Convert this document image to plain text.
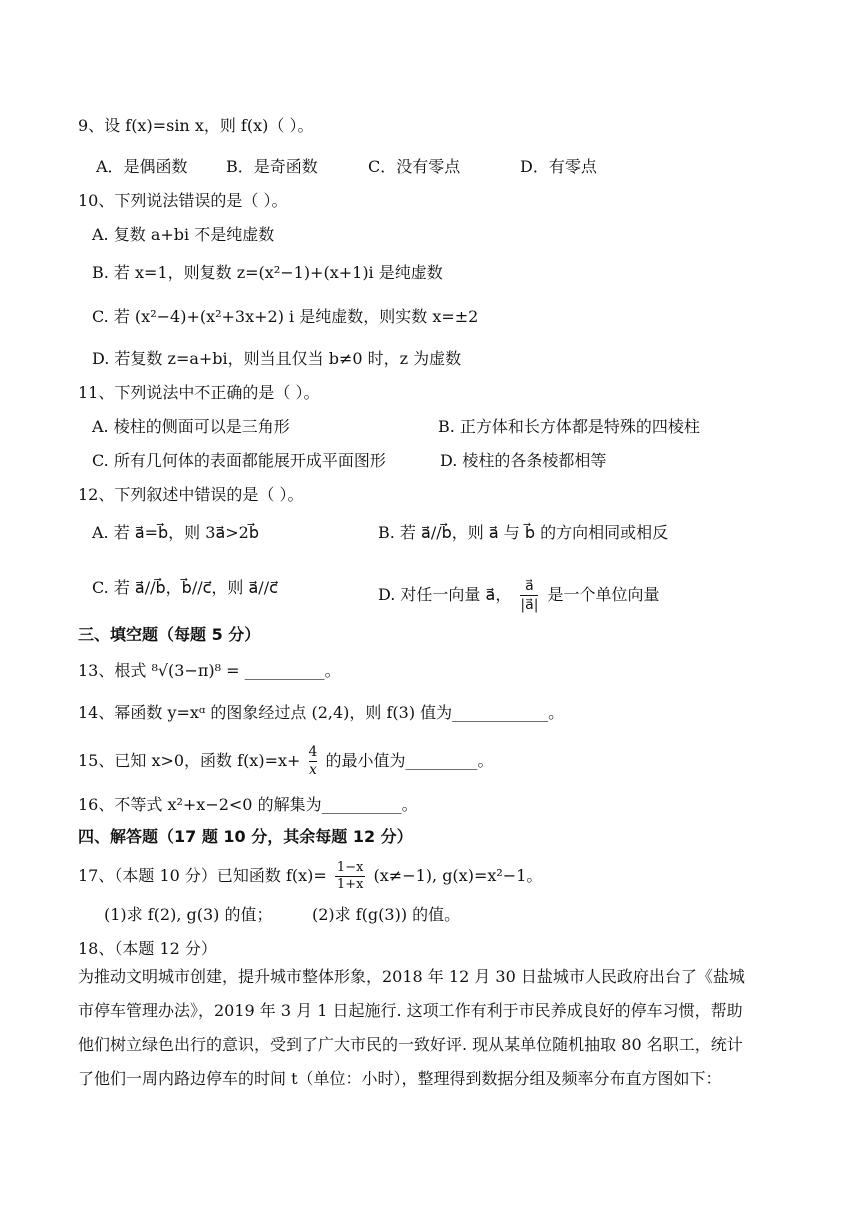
9、设 f(x)=sin x，则 f(x)（ ）。
A．是偶函数 B．是奇函数	C．没有零点	D．有零点
10、下列说法错误的是（ ）。
A. 复数 a+bi 不是纯虚数
B. 若 x=1，则复数 z=(x²−1)+(x+1)i 是纯虚数
C. 若 (x²−4)+(x²+3x+2) i 是纯虚数，则实数 x=±2
D. 若复数 z=a+bi，则当且仅当 b≠0 时，z 为虚数
11、下列说法中不正确的是（ ）。
A. 棱柱的侧面可以是三角形	B. 正方体和长方体都是特殊的四棱柱
C. 所有几何体的表面都能展开成平面图形	D. 棱柱的各条棱都相等
12、下列叙述中错误的是（ ）。
A. 若 a⃗=b⃗，则 3a⃗>2b⃗	B. 若 a⃗//b⃗，则 a⃗ 与 b⃗ 的方向相同或相反
C. 若 a⃗//b⃗，b⃗//c⃗，则 a⃗//c⃗	D. 对任一向量 a⃗， $\frac{a⃗}{|a⃗|}$ 是一个单位向量
三、填空题（每题 5 分）
13、根式 ⁸√(3−π)⁸ = __________。
14、幂函数 y=xᵅ 的图象经过点 (2,4)，则 f(3) 值为____________。
15、已知 x>0，函数 $f(x)=x+ \frac{4}{x}$ 的最小值为_________。
16、不等式 x²+x−2<0 的解集为__________。
四、解答题（17 题 10 分，其余每题 12 分）
17、（本题 10 分）已知函数 $f(x)= \frac{1-x}{1+x} (x\ne-1)$, g(x)=x²−1。
(1)求 f(2), g(3) 的值； (2)求 f(g(3)) 的值。
18、（本题 12 分）
为推动文明城市创建，提升城市整体形象，2018 年 12 月 30 日盐城市人民政府出台了《盐城
市停车管理办法》，2019 年 3 月 1 日起施行. 这项工作有利于市民养成良好的停车习惯，帮助
他们树立绿色出行的意识，受到了广大市民的一致好评. 现从某单位随机抽取 80 名职工，统计
了他们一周内路边停车的时间 t（单位：小时），整理得到数据分组及频率分布直方图如下：
